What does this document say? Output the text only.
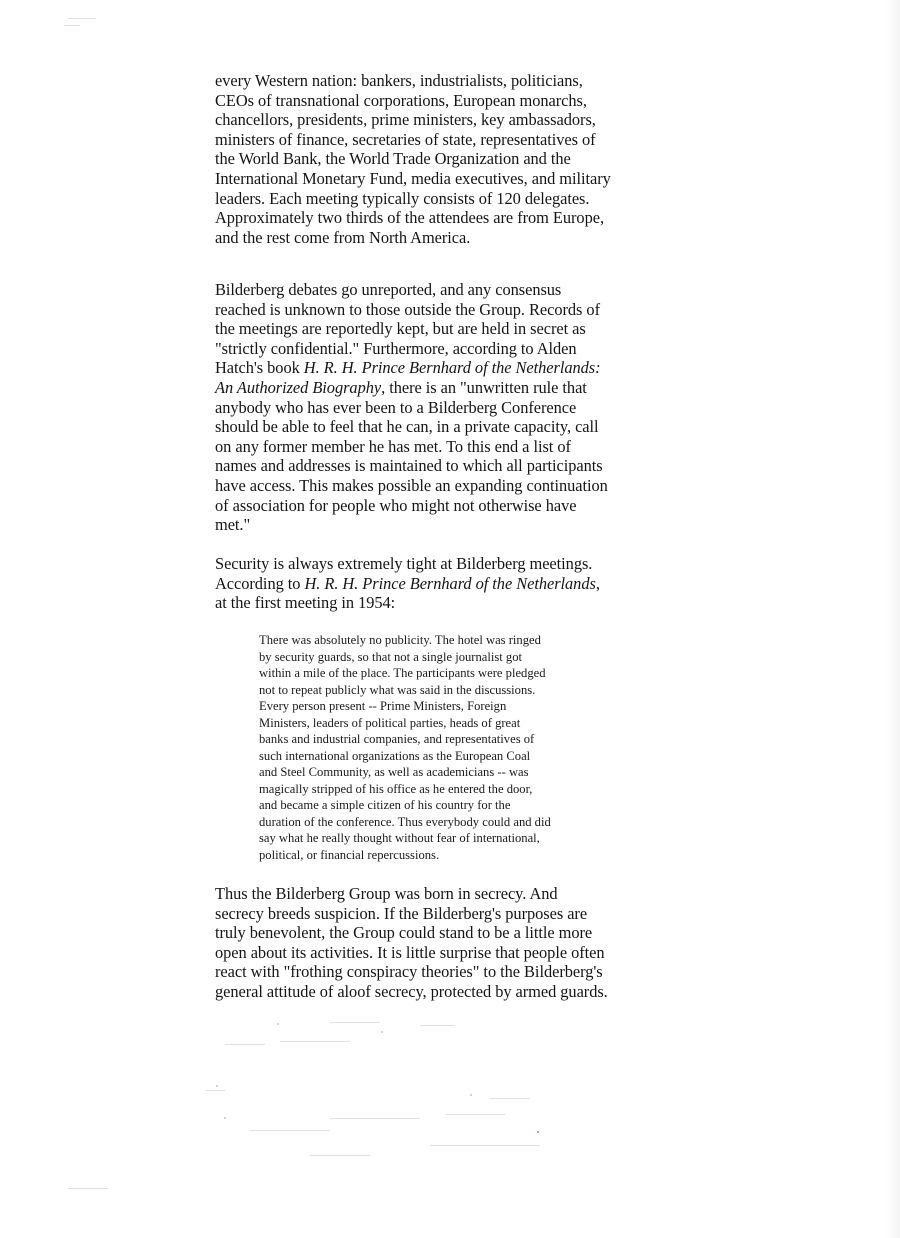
every Western nation: bankers, industrialists, politicians,
CEOs of transnational corporations, European monarchs,
chancellors, presidents, prime ministers, key ambassadors,
ministers of finance, secretaries of state, representatives of
the World Bank, the World Trade Organization and the
International Monetary Fund, media executives, and military
leaders. Each meeting typically consists of 120 delegates.
Approximately two thirds of the attendees are from Europe,
and the rest come from North America.

Bilderberg debates go unreported, and any consensus
reached is unknown to those outside the Group. Records of
the meetings are reportedly kept, but are held in secret as
"strictly confidential." Furthermore, according to Alden
Hatch's book H. R. H. Prince Bernhard of the Netherlands:
An Authorized Biography, there is an "unwritten rule that
anybody who has ever been to a Bilderberg Conference
should be able to feel that he can, in a private capacity, call
on any former member he has met. To this end a list of
names and addresses is maintained to which all participants
have access. This makes possible an expanding continuation
of association for people who might not otherwise have
met."

Security is always extremely tight at Bilderberg meetings.
According to H. R. H. Prince Bernhard of the Netherlands,
at the first meeting in 1954:

There was absolutely no publicity. The hotel was ringed
by security guards, so that not a single journalist got
within a mile of the place. The participants were pledged
not to repeat publicly what was said in the discussions.
Every person present -- Prime Ministers, Foreign
Ministers, leaders of political parties, heads of great
banks and industrial companies, and representatives of
such international organizations as the European Coal
and Steel Community, as well as academicians -- was
magically stripped of his office as he entered the door,
and became a simple citizen of his country for the
duration of the conference. Thus everybody could and did
say what he really thought without fear of international,
political, or financial repercussions.

Thus the Bilderberg Group was born in secrecy. And
secrecy breeds suspicion. If the Bilderberg's purposes are
truly benevolent, the Group could stand to be a little more
open about its activities. It is little surprise that people often
react with "frothing conspiracy theories" to the Bilderberg's
general attitude of aloof secrecy, protected by armed guards.
